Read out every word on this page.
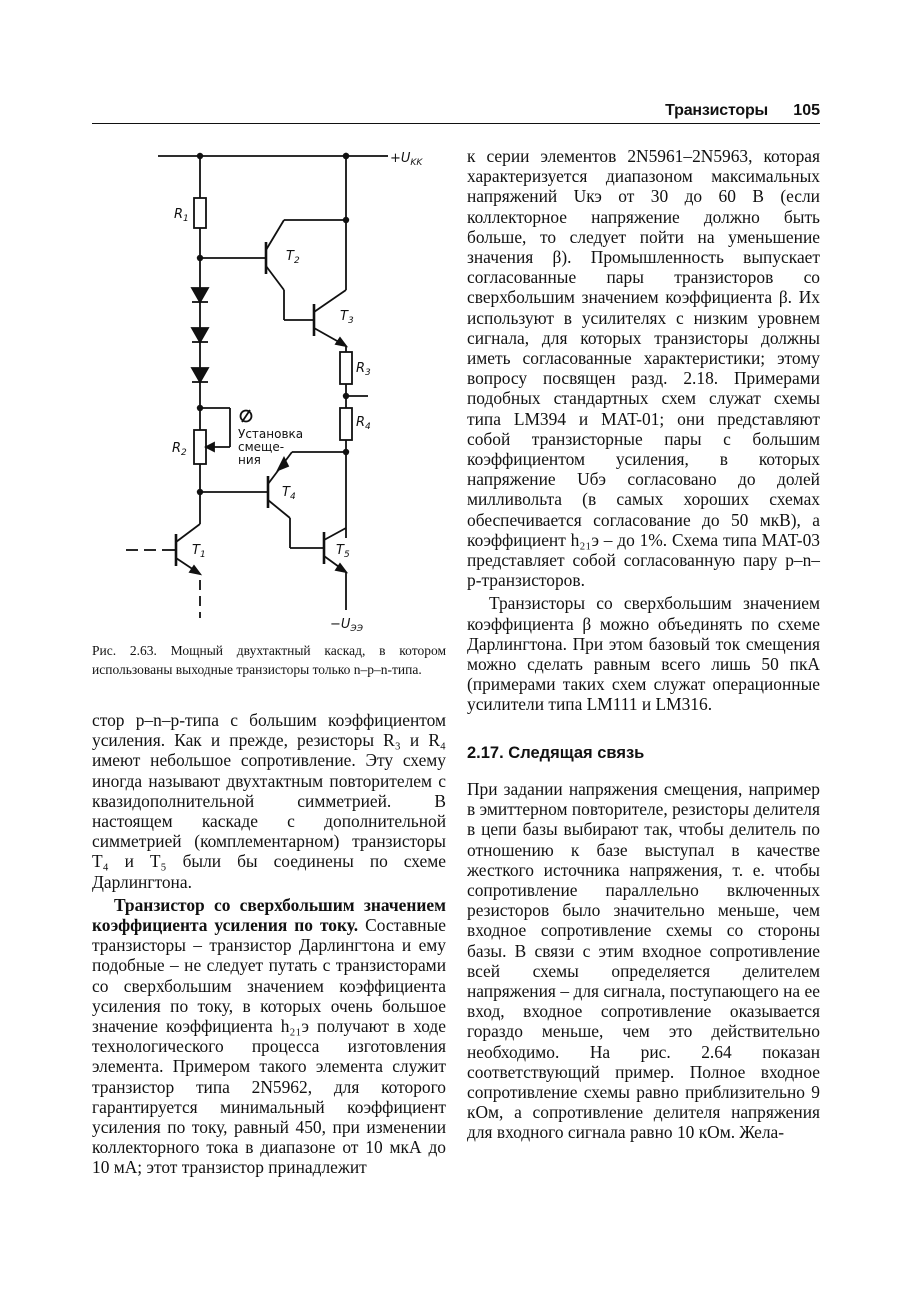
Транзисторы 105
$+U_{KK}$
$R_1$
$T_2$
$T_3$
$R_3$
$R_4$
$R_2$
Установка
смеще-
ния
$T_4$
$T_1$	$T_5$
$-U_{ЭЭ}$
Рис. 2.63. Мощный двухтактный каскад, в котором использованы выходные транзисторы только n–p–n-типа.

стор p–n–p-типа с большим коэффициентом усиления. Как и прежде, резисторы R₃ и R₄ имеют небольшое сопротивление. Эту схему иногда называют двухтактным повторителем с квазидополнительной симметрией. В настоящем каскаде с дополнительной симметрией (комплементарном) транзисторы T₄ и T₅ были бы соединены по схеме Дарлингтона.

Транзистор со сверхбольшим значением коэффициента усиления по току. Составные транзисторы – транзистор Дарлингтона и ему подобные – не следует путать с транзисторами со сверхбольшим значением коэффициента усиления по току, в которых очень большое значение коэффициента h₂₁э получают в ходе технологического процесса изготовления элемента. Примером такого элемента служит транзистор типа 2N5962, для которого гарантируется минимальный коэффициент усиления по току, равный 450, при изменении коллекторного тока в диапазоне от 10 мкА до 10 мА; этот транзистор принадлежит

к серии элементов 2N5961–2N5963, которая характеризуется диапазоном максимальных напряжений Uкэ от 30 до 60 В (если коллекторное напряжение должно быть больше, то следует пойти на уменьшение значения β). Промышленность выпускает согласованные пары транзисторов со сверхбольшим значением коэффициента β. Их используют в усилителях с низким уровнем сигнала, для которых транзисторы должны иметь согласованные характеристики; этому вопросу посвящен разд. 2.18. Примерами подобных стандартных схем служат схемы типа LM394 и MAT-01; они представляют собой транзисторные пары с большим коэффициентом усиления, в которых напряжение Uбэ согласовано до долей милливольта (в самых хороших схемах обеспечивается согласование до 50 мкВ), а коэффициент h₂₁э – до 1%. Схема типа MAT-03 представляет собой согласованную пару p–n–p-транзисторов.

Транзисторы со сверхбольшим значением коэффициента β можно объединять по схеме Дарлингтона. При этом базовый ток смещения можно сделать равным всего лишь 50 пкА (примерами таких схем служат операционные усилители типа LM111 и LM316.

2.17. Следящая связь

При задании напряжения смещения, например в эмиттерном повторителе, резисторы делителя в цепи базы выбирают так, чтобы делитель по отношению к базе выступал в качестве жесткого источника напряжения, т. е. чтобы сопротивление параллельно включенных резисторов было значительно меньше, чем входное сопротивление схемы со стороны базы. В связи с этим входное сопротивление всей схемы определяется делителем напряжения – для сигнала, поступающего на ее вход, входное сопротивление оказывается гораздо меньше, чем это действительно необходимо. На рис. 2.64 показан соответствующий пример. Полное входное сопротивление схемы равно приблизительно 9 кОм, а сопротивление делителя напряжения для входного сигнала равно 10 кОм. Жела-
